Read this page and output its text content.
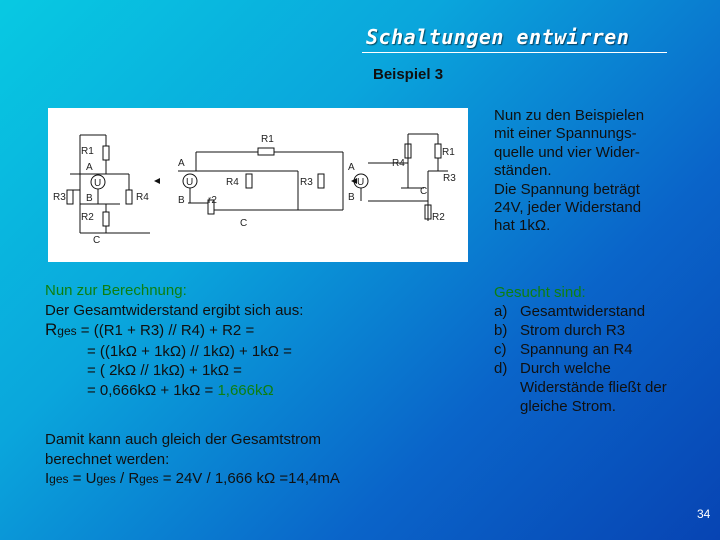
Schaltungen entwirren
Beispiel 3
R1
A
U
R3 B	R4
R2
C
R1
A
U	R4	R3
B r2
C
R4
R1
A
U	R3
C
B
R2

Nun zu den Beispielen

mit einer Spannungs-

quelle und vier Wider-

ständen.

Die Spannung beträgt

24V, jeder Widerstand

hat 1kΩ.

Nun zur Berechnung:
Der Gesamtwiderstand ergibt sich aus:
Rges = ((R1 + R3) // R4) + R2 =
= ((1kΩ + 1kΩ) // 1kΩ) + 1kΩ =
= ( 2kΩ // 1kΩ) + 1kΩ =
= 0,666kΩ + 1kΩ = 1,666kΩ
Damit kann auch gleich der Gesamtstrom
berechnet werden:
Iges = Uges / Rges = 24V / 1,666 kΩ =14,4mA
Gesucht sind:
a) Gesamtwiderstand
b) Strom durch R3
c) Spannung an R4
d) Durch welche Widerstände fließt der gleiche Strom.
34
